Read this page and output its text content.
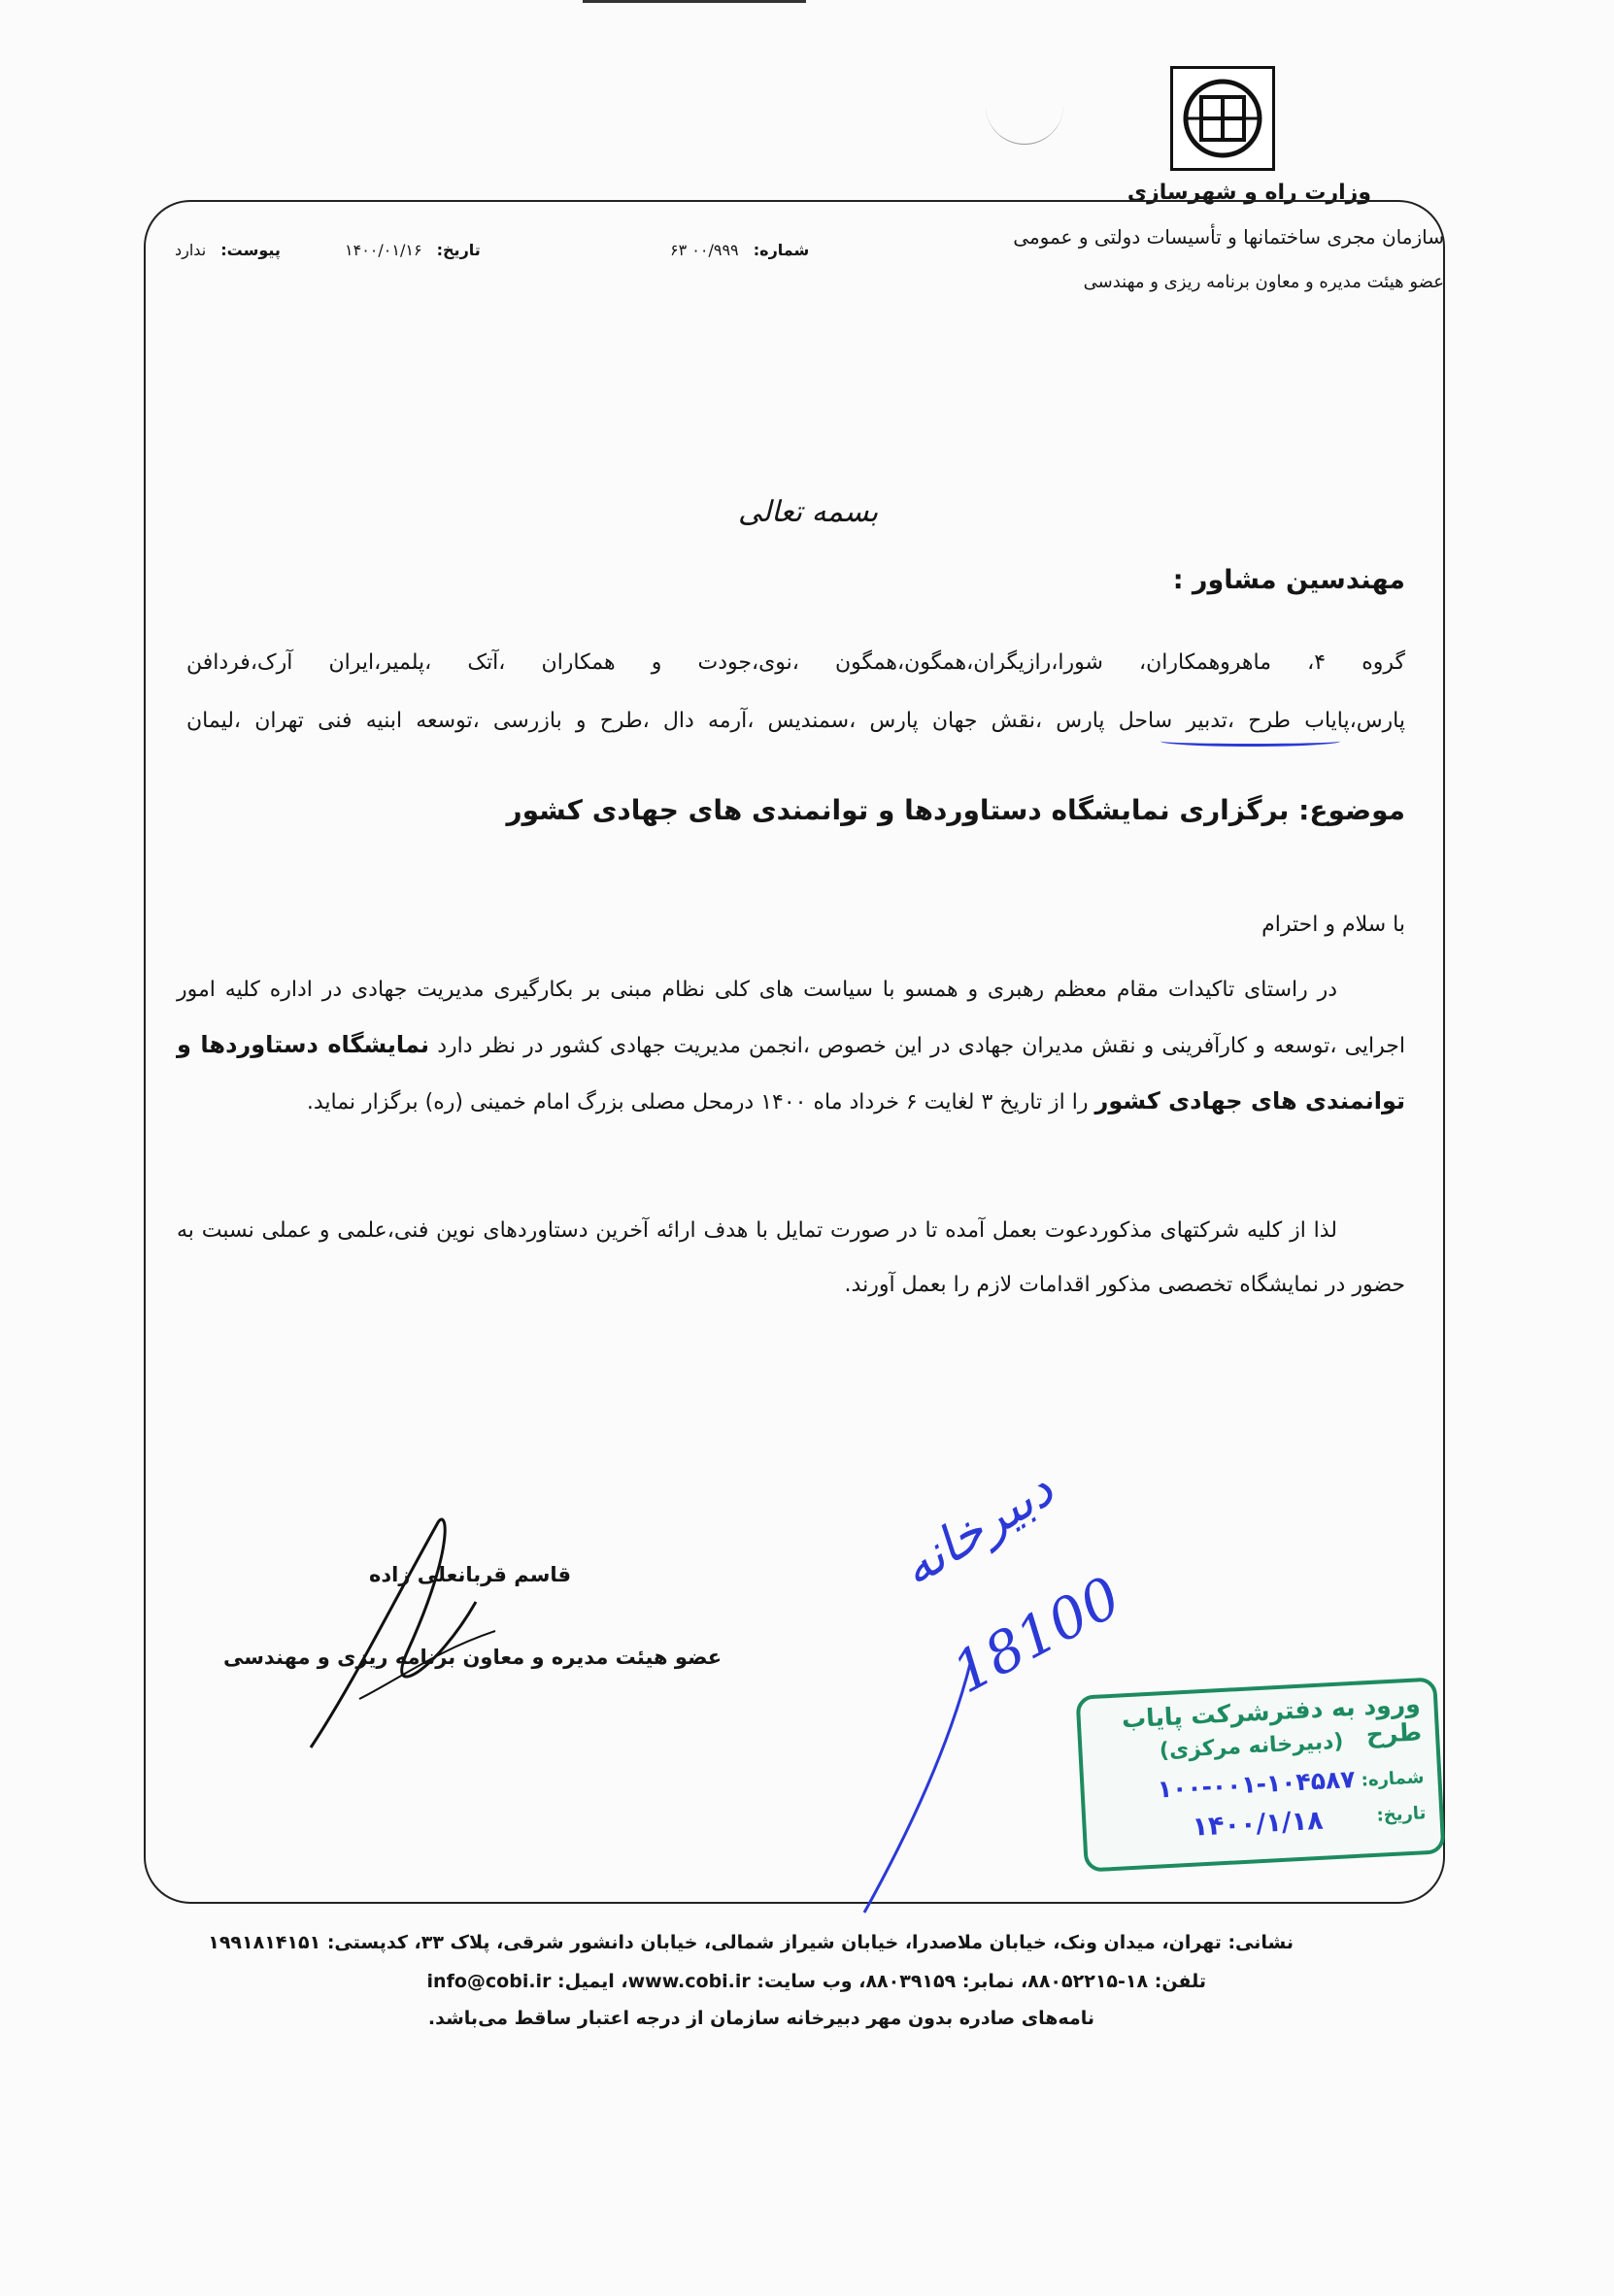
وزارت راه و شهرسازی
سازمان مجری ساختمانها و تأسیسات دولتی و عمومی
عضو هیئت مدیره و معاون برنامه ریزی و مهندسی
شماره: ۰۰/۹۹۹ ۶۳
تاریخ: ۱۴۰۰/۰۱/۱۶
پیوست: ندارد
بسمه تعالی
مهندسین مشاور :
گروه ۴، ماهروهمکاران، شورا،رازیگران،همگون،همگون ،نوی،جودت و همکاران ،آتک ،پلمیر،ایران آرک،فردافن
پارس،پایاب طرح ،تدبیر ساحل پارس ،نقش جهان پارس ،سمندیس ،آرمه دال ،طرح و بازرسی ،توسعه ابنیه فنی تهران ،لیمان
موضوع: برگزاری نمایشگاه دستاوردها و توانمندی های جهادی کشور
با سلام و احترام
در راستای تاکیدات مقام معظم رهبری و همسو با سیاست های کلی نظام مبنی بر بکارگیری مدیریت جهادی در اداره کلیه امور اجرایی ،توسعه و کارآفرینی و نقش مدیران جهادی در این خصوص ،انجمن مدیریت جهادی کشور در نظر دارد نمایشگاه دستاوردها و توانمندی های جهادی کشور را از تاریخ ۳ لغایت ۶ خرداد ماه ۱۴۰۰ درمحل مصلی بزرگ امام خمینی (ره) برگزار نماید.
لذا از کلیه شرکتهای مذکوردعوت بعمل آمده تا در صورت تمایل با هدف ارائه آخرین دستاوردهای نوین فنی،علمی و عملی نسبت به حضور در نمایشگاه تخصصی مذکور اقدامات لازم را بعمل آورند.
قاسم قربانعلی زاده
عضو هیئت مدیره و معاون برنامه ریزی و مهندسی
دبیرخانه
18100
ورود به دفترشرکت پایاب طرح
(دبیرخانه مرکزی)
شماره:
۱۰۰-۰۰۱-۱۰۴۵۸۷
تاریخ:
۱۴۰۰/۱/۱۸
نشانی: تهران، میدان ونک، خیابان ملاصدرا، خیابان شیراز شمالی، خیابان دانشور شرقی، پلاک ۳۳، کدپستی: ۱۹۹۱۸۱۴۱۵۱
تلفن: ۱۸-۸۸۰۵۲۲۱۵، نمابر: ۸۸۰۳۹۱۵۹، وب سایت: www.cobi.ir، ایمیل: info@cobi.ir
نامه‌های صادره بدون مهر دبیرخانه سازمان از درجه اعتبار ساقط می‌باشد.
